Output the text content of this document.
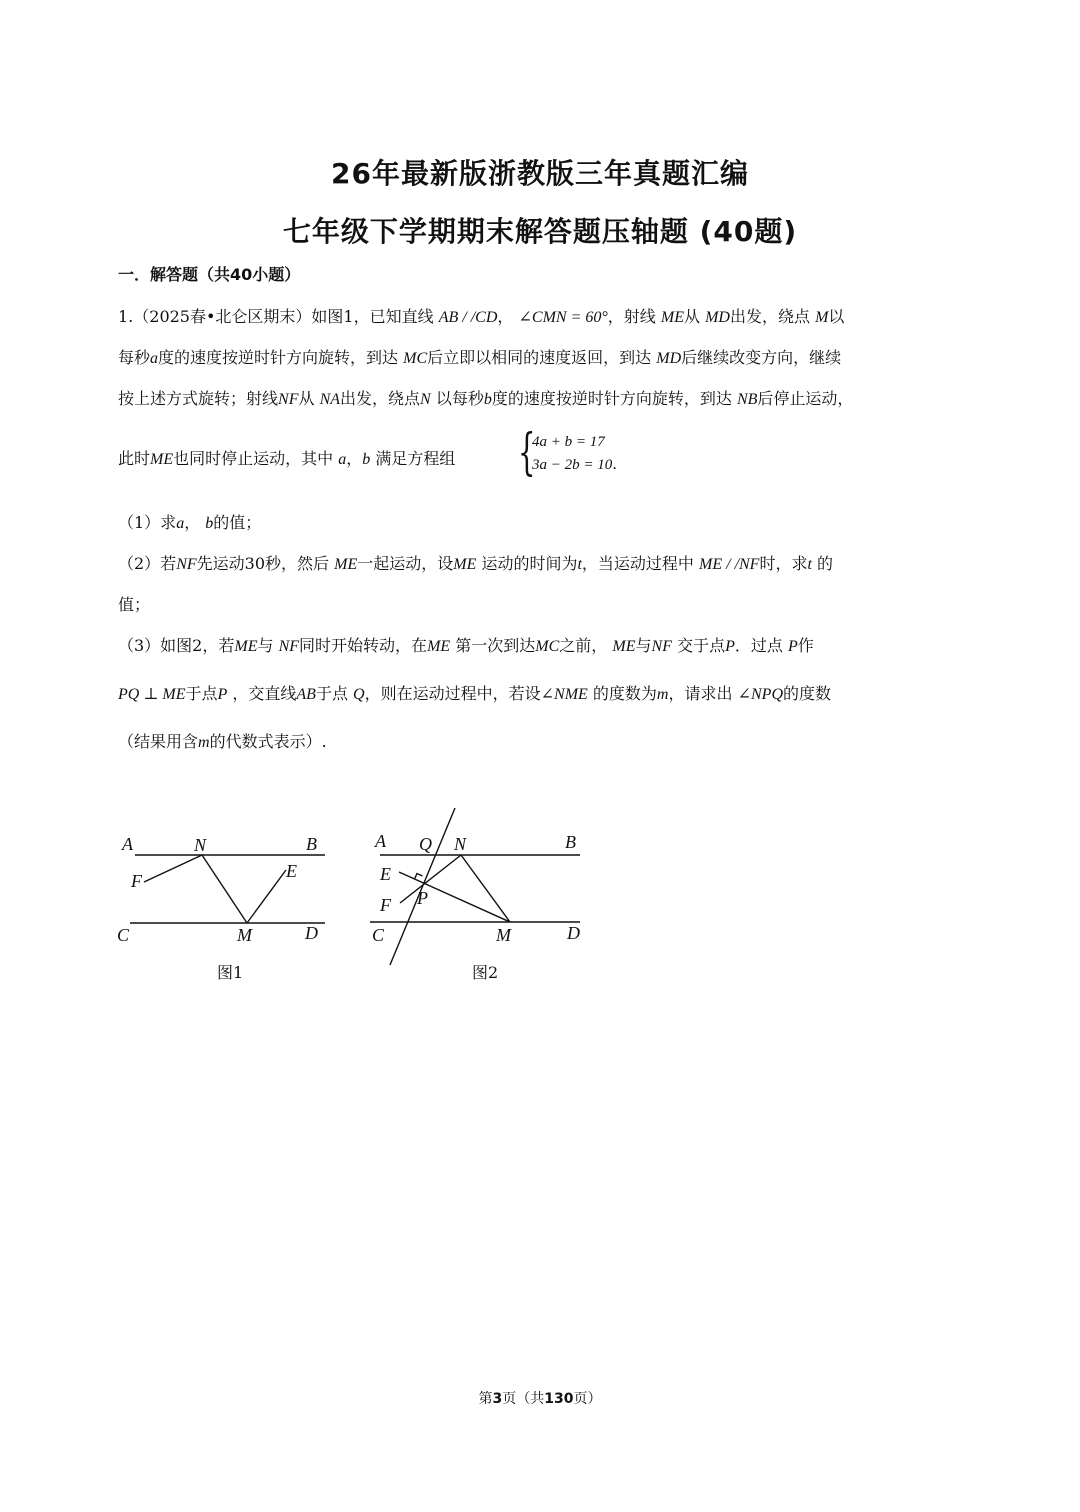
26年最新版浙教版三年真题汇编
七年级下学期期末解答题压轴题 (40题)
一．解答题（共40小题）
1.（2025春•北仑区期末）如图1，已知直线 AB / /CD， ∠CMN = 60°，射线 ME从 MD出发，绕点 M以
每秒a度的速度按逆时针方向旋转，到达 MC后立即以相同的速度返回，到达 MD后继续改变方向，继续
按上述方式旋转；射线NF从 NA出发，绕点N 以每秒b度的速度按逆时针方向旋转，到达 NB后停止运动，
此时ME也同时停止运动，其中 a，b 满足方程组 {
4a + b = 17
3a − 2b = 10.
（1）求a， b的值；
（2）若NF先运动30秒，然后 ME一起运动，设ME 运动的时间为t，当运动过程中 ME / /NF时，求t 的
值；
（3）如图2，若ME与 NF同时开始转动，在ME 第一次到达MC之前， ME与NF 交于点P．过点 P作
PQ ⊥ ME于点P ，交直线AB于点 Q，则在运动过程中，若设∠NME 的度数为m，请求出 ∠NPQ的度数
（结果用含m的代数式表示）.
A	N	B
F	E
C	M	D
图1
A Q N	B
E
F P
C	M	D
图2
第3页（共130页）
